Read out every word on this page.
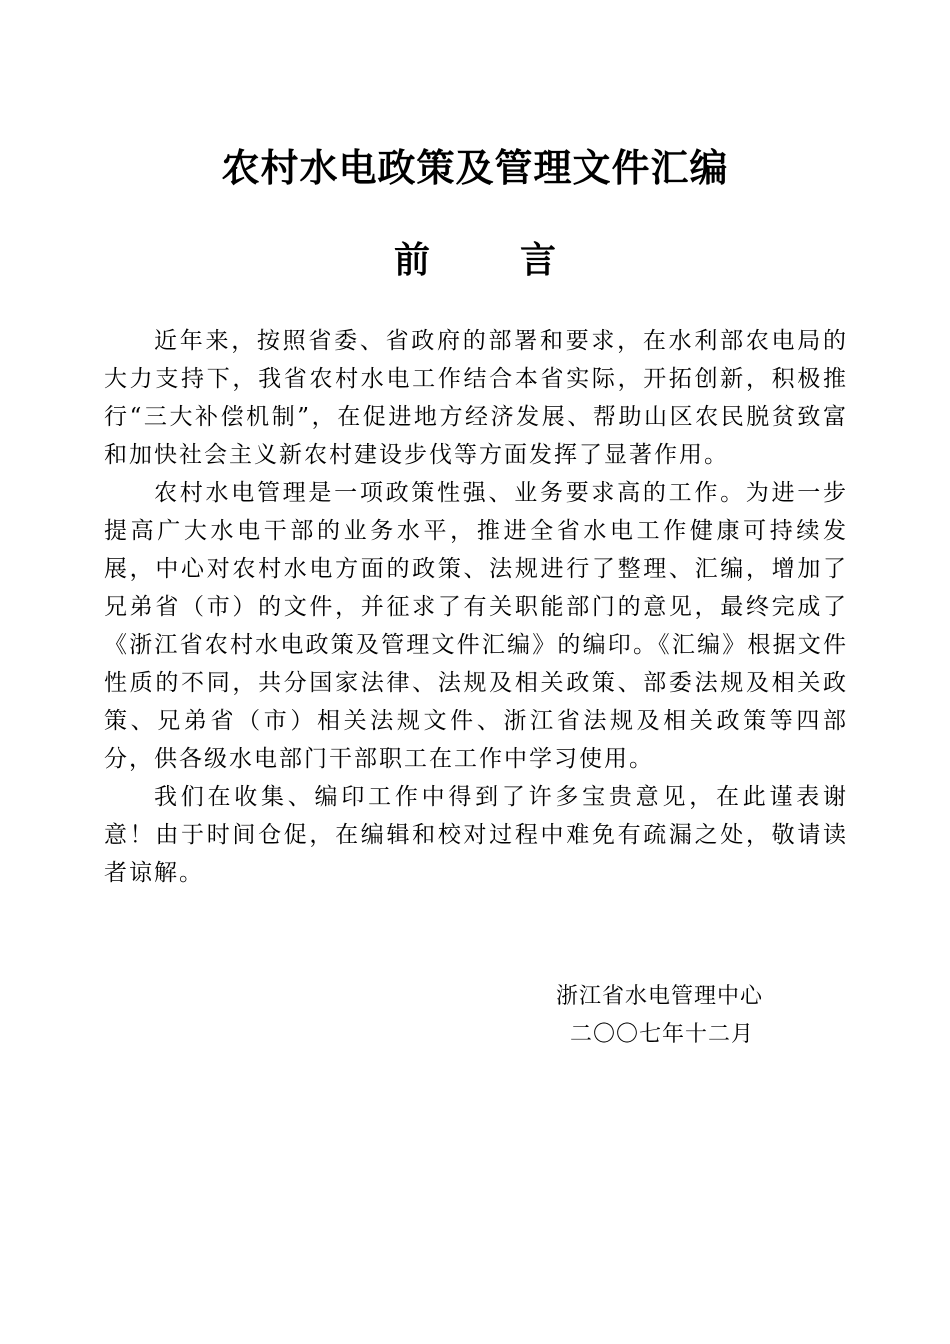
农村水电政策及管理文件汇编
前	言

近年来，按照省委、省政府的部署和要求，在水利部农电局的大力支持下，我省农村水电工作结合本省实际，开拓创新，积极推行“三大补偿机制”，在促进地方经济发展、帮助山区农民脱贫致富和加快社会主义新农村建设步伐等方面发挥了显著作用。

农村水电管理是一项政策性强、业务要求高的工作。为进一步提高广大水电干部的业务水平，推进全省水电工作健康可持续发展，中心对农村水电方面的政策、法规进行了整理、汇编，增加了兄弟省（市）的文件，并征求了有关职能部门的意见，最终完成了《浙江省农村水电政策及管理文件汇编》的编印。《汇编》根据文件性质的不同，共分国家法律、法规及相关政策、部委法规及相关政策、兄弟省（市）相关法规文件、浙江省法规及相关政策等四部分，供各级水电部门干部职工在工作中学习使用。

我们在收集、编印工作中得到了许多宝贵意见，在此谨表谢意！由于时间仓促，在编辑和校对过程中难免有疏漏之处，敬请读者谅解。

浙江省水电管理中心
二〇〇七年十二月
